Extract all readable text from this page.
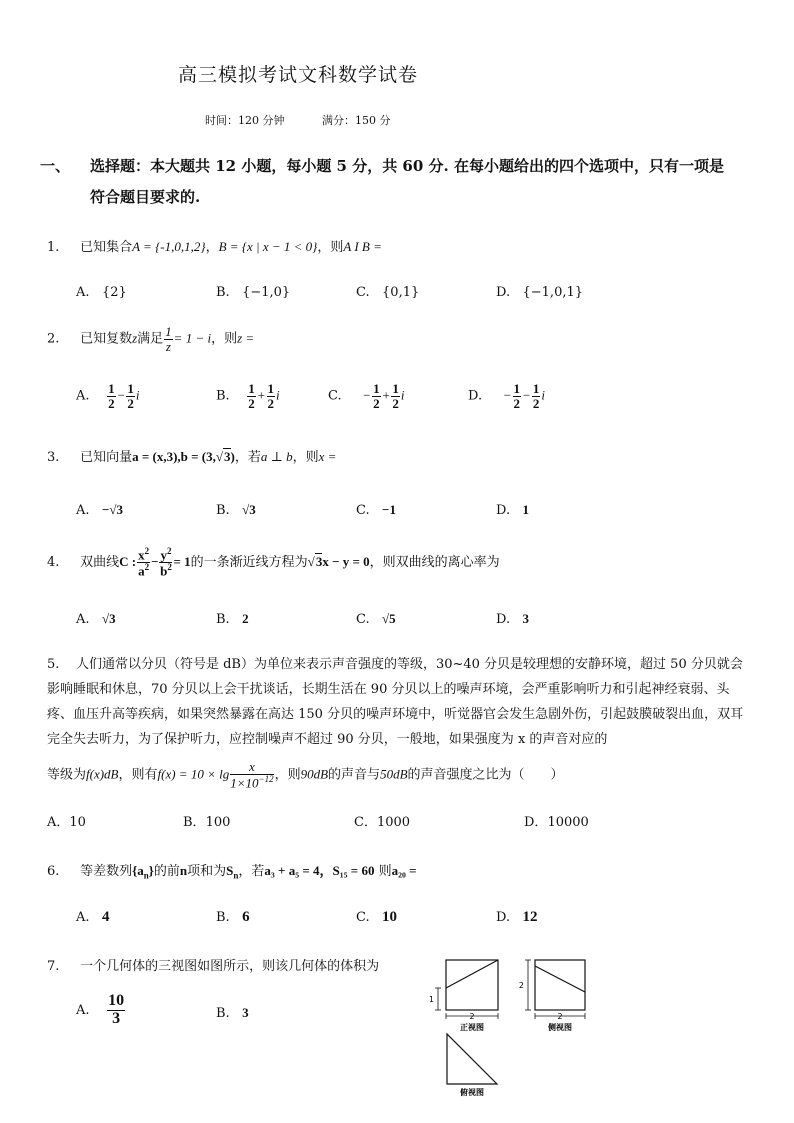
高三模拟考试文科数学试卷
时间：120 分钟	满分：150 分
一、 选择题：本大题共 12 小题，每小题 5 分，共 60 分. 在每小题给出的四个选项中，只有一项是
符合题目要求的.
1. 已知集合A = {-1,0,1,2}，B = {x | x − 1 < 0}，则A I B =
A. {2}	B. {−1,0}	C. {0,1}	D. {−1,0,1}
2. 已知复数z满足 $\frac{1}{z} = 1 - i$，则z =
A. $\frac{1}{2} - \frac{1}{2}$ i	B. $\frac{1}{2} + \frac{1}{2}$ i	C. − $\frac{1}{2} + \frac{1}{2}$ i	D. − $\frac{1}{2} - \frac{1}{2}$ i
3. 已知向量a = (x,3),b = (3,√3)，若a ⊥ b，则x =
A. −√3	B. √3	C. −1	D. 1
4. 双曲线C : $\frac{x^2}{a^2} - \frac{y^2}{b^2} = 1$的一条渐近线方程为√3x − y = 0，则双曲线的离心率为
A. √3	B. 2	C. √5	D. 3
5. 人们通常以分贝（符号是 dB）为单位来表示声音强度的等级，30~40 分贝是较理想的安静环境，超过 50 分贝就会影响睡眠和休息，70 分贝以上会干扰谈话，长期生活在 90 分贝以上的噪声环境，会严重影响听力和引起神经衰弱、头疼、血压升高等疾病，如果突然暴露在高达 150 分贝的噪声环境中，听觉器官会发生急剧外伤，引起鼓膜破裂出血，双耳完全失去听力，为了保护听力，应控制噪声不超过 90 分贝，一般地，如果强度为 x 的声音对应的
等级为f(x)dB，则有$f(x) = 10 \times \lg \frac{x}{1\times 10^{-12}}$ ，则90dB的声音与50dB的声音强度之比为（　　）
A．10	B．100	C．1000	D．10000
6. 等差数列$\{a_n\}$的前n项和为$S_n$，若a₃ + a₅ = 4，S₁₅ = 60 则a₂₀ =
A. 4	B. 6	C. 10	D. 12
7. 一个几何体的三视图如图所示，则该几何体的体积为
A. $\frac{10}{3}$	B. 3
1
2
正视图
2
2
侧视图
俯视图
